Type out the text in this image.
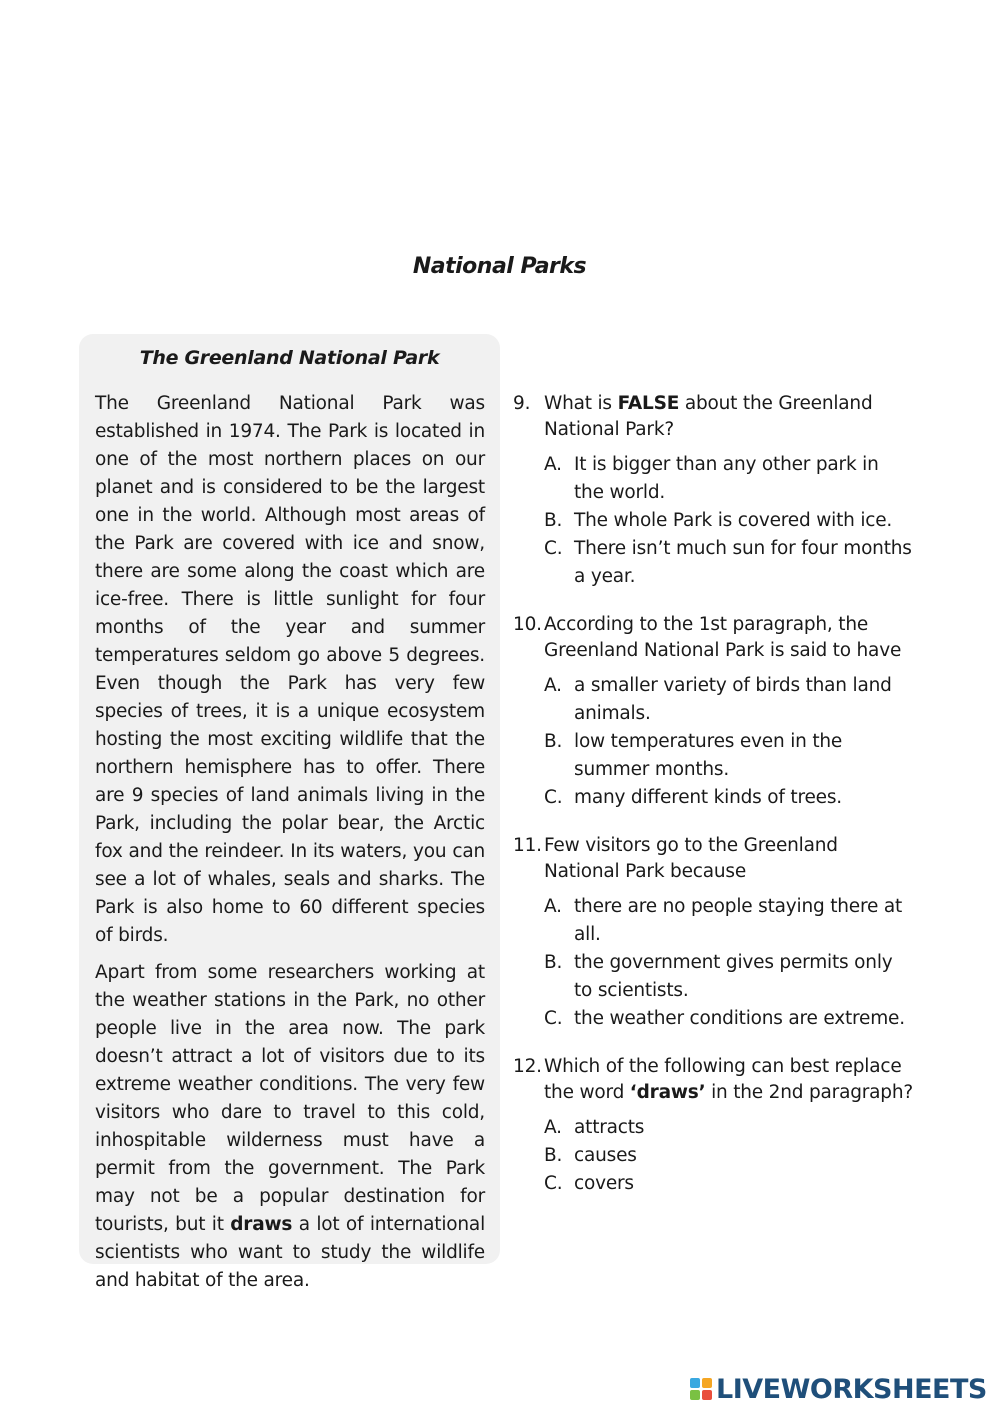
National Parks
The Greenland National Park

The Greenland National Park was established in 1974. The Park is located in one of the most northern places on our planet and is considered to be the largest one in the world. Although most areas of the Park are covered with ice and snow, there are some along the coast which are ice-free. There is little sunlight for four months of the year and summer temperatures seldom go above 5 degrees. Even though the Park has very few species of trees, it is a unique ecosystem hosting the most exciting wildlife that the northern hemisphere has to offer. There are 9 species of land animals living in the Park, including the polar bear, the Arctic fox and the reindeer. In its waters, you can see a lot of whales, seals and sharks. The Park is also home to 60 different species of birds.

Apart from some researchers working at the weather stations in the Park, no other people live in the area now. The park doesn’t attract a lot of visitors due to its extreme weather conditions. The very few visitors who dare to travel to this cold, inhospitable wilderness must have a permit from the government. The Park may not be a popular destination for tourists, but it draws a lot of international scientists who want to study the wildlife and habitat of the area.

9. What is FALSE about the Greenland National Park?
A. It is bigger than any other park in the world.
B. The whole Park is covered with ice.
C. There isn’t much sun for four months a year.
10. According to the 1st paragraph, the Greenland National Park is said to have
A. a smaller variety of birds than land animals.
B. low temperatures even in the summer months.
C. many different kinds of trees.
11. Few visitors go to the Greenland National Park because
A. there are no people staying there at all.
B. the government gives permits only to scientists.
C. the weather conditions are extreme.
12. Which of the following can best replace the word ‘draws’ in the 2nd paragraph?
A. attracts
B. causes
C. covers
LIVEWORKSHEETS
